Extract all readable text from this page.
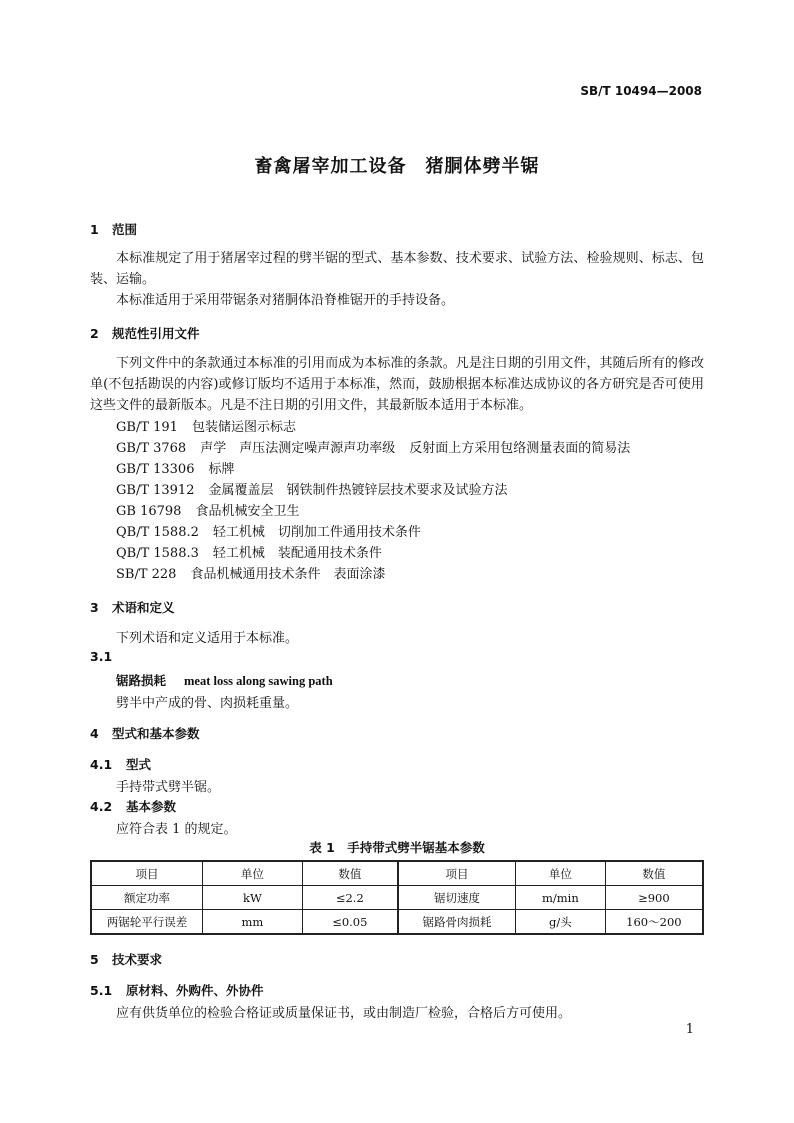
SB/T 10494—2008
畜禽屠宰加工设备　猪胴体劈半锯
1 范围
本标准规定了用于猪屠宰过程的劈半锯的型式、基本参数、技术要求、试验方法、检验规则、标志、包装、运输。
本标准适用于采用带锯条对猪胴体沿脊椎锯开的手持设备。
2 规范性引用文件
下列文件中的条款通过本标准的引用而成为本标准的条款。凡是注日期的引用文件，其随后所有的修改单(不包括勘误的内容)或修订版均不适用于本标准，然而，鼓励根据本标准达成协议的各方研究是否可使用这些文件的最新版本。凡是不注日期的引用文件，其最新版本适用于本标准。
GB/T 191 包装储运图示标志
GB/T 3768 声学　声压法测定噪声源声功率级 反射面上方采用包络测量表面的简易法
GB/T 13306 标牌
GB/T 13912 金属覆盖层　钢铁制件热镀锌层技术要求及试验方法
GB 16798 食品机械安全卫生
QB/T 1588.2 轻工机械　切削加工件通用技术条件
QB/T 1588.3 轻工机械　装配通用技术条件
SB/T 228 食品机械通用技术条件　表面涂漆
3 术语和定义
下列术语和定义适用于本标准。
3.1
锯路损耗 meat loss along sawing path
劈半中产成的骨、肉损耗重量。
4 型式和基本参数
4.1 型式
手持带式劈半锯。
4.2 基本参数
应符合表 1 的规定。
表 1　手持带式劈半锯基本参数
项目	单位	数值	项目	单位	数值
额定功率	kW	≤2.2	锯切速度	m/min	≥900
两锯轮平行误差	mm	≤0.05	锯路骨肉损耗	g/头	160～200
5 技术要求
5.1 原材料、外购件、外协件
应有供货单位的检验合格证或质量保证书，或由制造厂检验，合格后方可使用。
1
